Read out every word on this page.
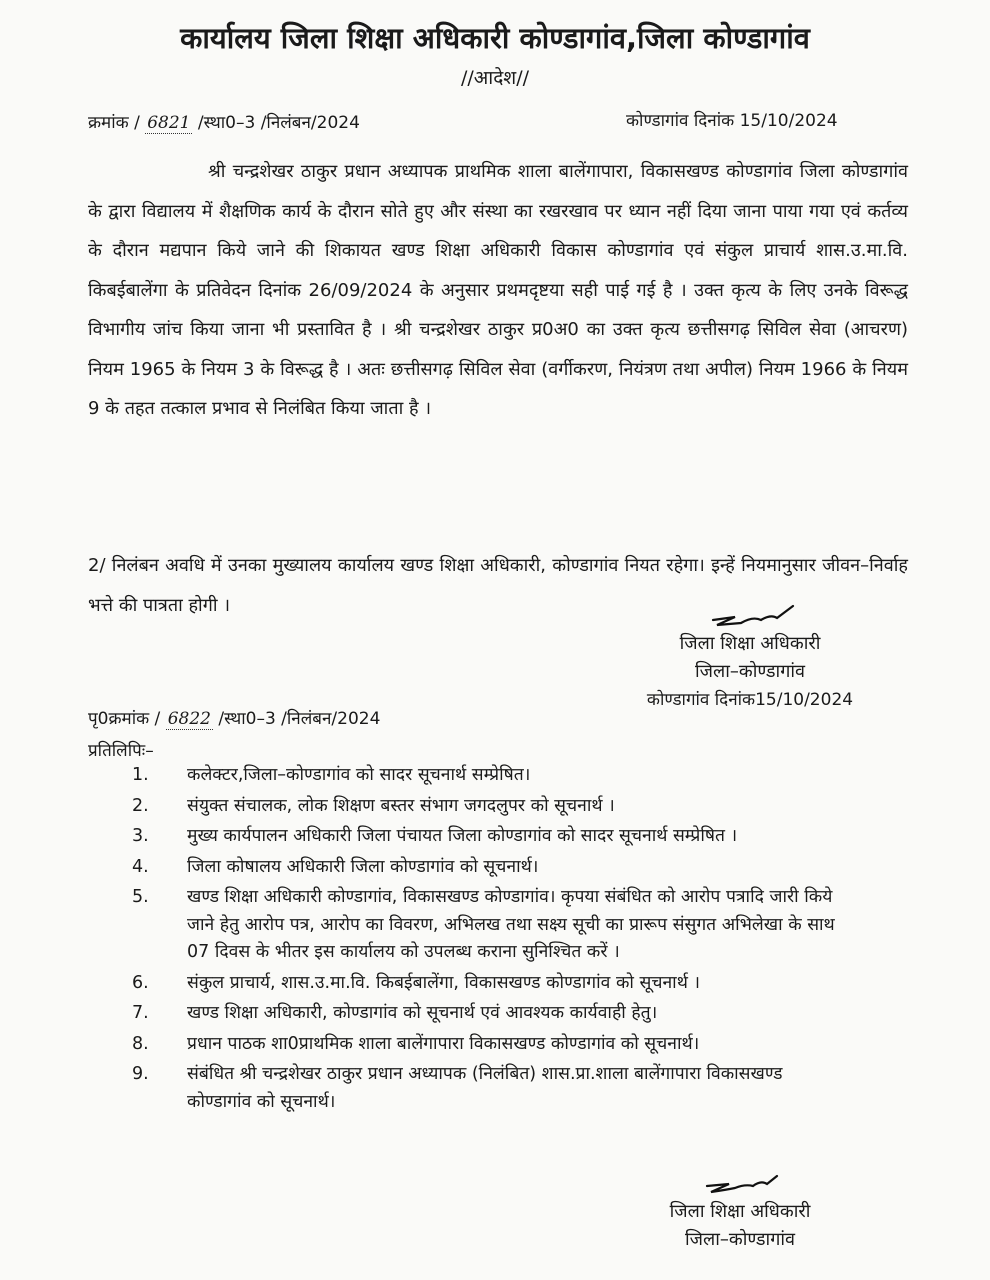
कार्यालय जिला शिक्षा अधिकारी कोण्डागांव,जिला कोण्डागांव
//आदेश//
क्रमांक / 6821 /स्था0–3 /निलंबन/2024	कोण्डागांव दिनांक 15/10/2024
श्री चन्द्रशेखर ठाकुर प्रधान अध्यापक प्राथमिक शाला बालेंगापारा, विकासखण्ड कोण्डागांव जिला कोण्डागांव के द्वारा विद्यालय में शैक्षणिक कार्य के दौरान सोते हुए और संस्था का रखरखाव पर ध्यान नहीं दिया जाना पाया गया एवं कर्तव्य के दौरान मद्यपान किये जाने की शिकायत खण्ड शिक्षा अधिकारी विकास कोण्डागांव एवं संकुल प्राचार्य शास.उ.मा.वि. किबईबालेंगा के प्रतिवेदन दिनांक 26/09/2024 के अनुसार प्रथमदृष्टया सही पाई गई है । उक्त कृत्य के लिए उनके विरूद्ध विभागीय जांच किया जाना भी प्रस्तावित है । श्री चन्द्रशेखर ठाकुर प्र0अ0 का उक्त कृत्य छत्तीसगढ़ सिविल सेवा (आचरण) नियम 1965 के नियम 3 के विरूद्ध है । अतः छत्तीसगढ़ सिविल सेवा (वर्गीकरण, नियंत्रण तथा अपील) नियम 1966 के नियम 9 के तहत तत्काल प्रभाव से निलंबित किया जाता है ।
2/ निलंबन अवधि में उनका मुख्यालय कार्यालय खण्ड शिक्षा अधिकारी, कोण्डागांव नियत रहेगा। इन्हें नियमानुसार जीवन–निर्वाह भत्ते की पात्रता होगी ।
जिला शिक्षा अधिकारी
जिला–कोण्डागांव
कोण्डागांव दिनांक15/10/2024
पृ0क्रमांक / 6822 /स्था0–3 /निलंबन/2024
प्रतिलिपिः–
1.	कलेक्टर,जिला–कोण्डागांव को सादर सूचनार्थ सम्प्रेषित।
2.	संयुक्त संचालक, लोक शिक्षण बस्तर संभाग जगदलुपर को सूचनार्थ ।
3.	मुख्य कार्यपालन अधिकारी जिला पंचायत जिला कोण्डागांव को सादर सूचनार्थ सम्प्रेषित ।
4.	जिला कोषालय अधिकारी जिला कोण्डागांव को सूचनार्थ।
5.	खण्ड शिक्षा अधिकारी कोण्डागांव, विकासखण्ड कोण्डागांव। कृपया संबंधित को आरोप पत्रादि जारी किये जाने हेतु आरोप पत्र, आरोप का विवरण, अभिलख तथा सक्ष्य सूची का प्रारूप संसुगत अभिलेखा के साथ 07 दिवस के भीतर इस कार्यालय को उपलब्ध कराना सुनिश्चित करें ।
6.	संकुल प्राचार्य, शास.उ.मा.वि. किबईबालेंगा, विकासखण्ड कोण्डागांव को सूचनार्थ ।
7.	खण्ड शिक्षा अधिकारी, कोण्डागांव को सूचनार्थ एवं आवश्यक कार्यवाही हेतु।
8.	प्रधान पाठक शा0प्राथमिक शाला बालेंगापारा विकासखण्ड कोण्डागांव को सूचनार्थ।
9.	संबंधित श्री चन्द्रशेखर ठाकुर प्रधान अध्यापक (निलंबित) शास.प्रा.शाला बालेंगापारा विकासखण्ड कोण्डागांव को सूचनार्थ।
जिला शिक्षा अधिकारी
जिला–कोण्डागांव
